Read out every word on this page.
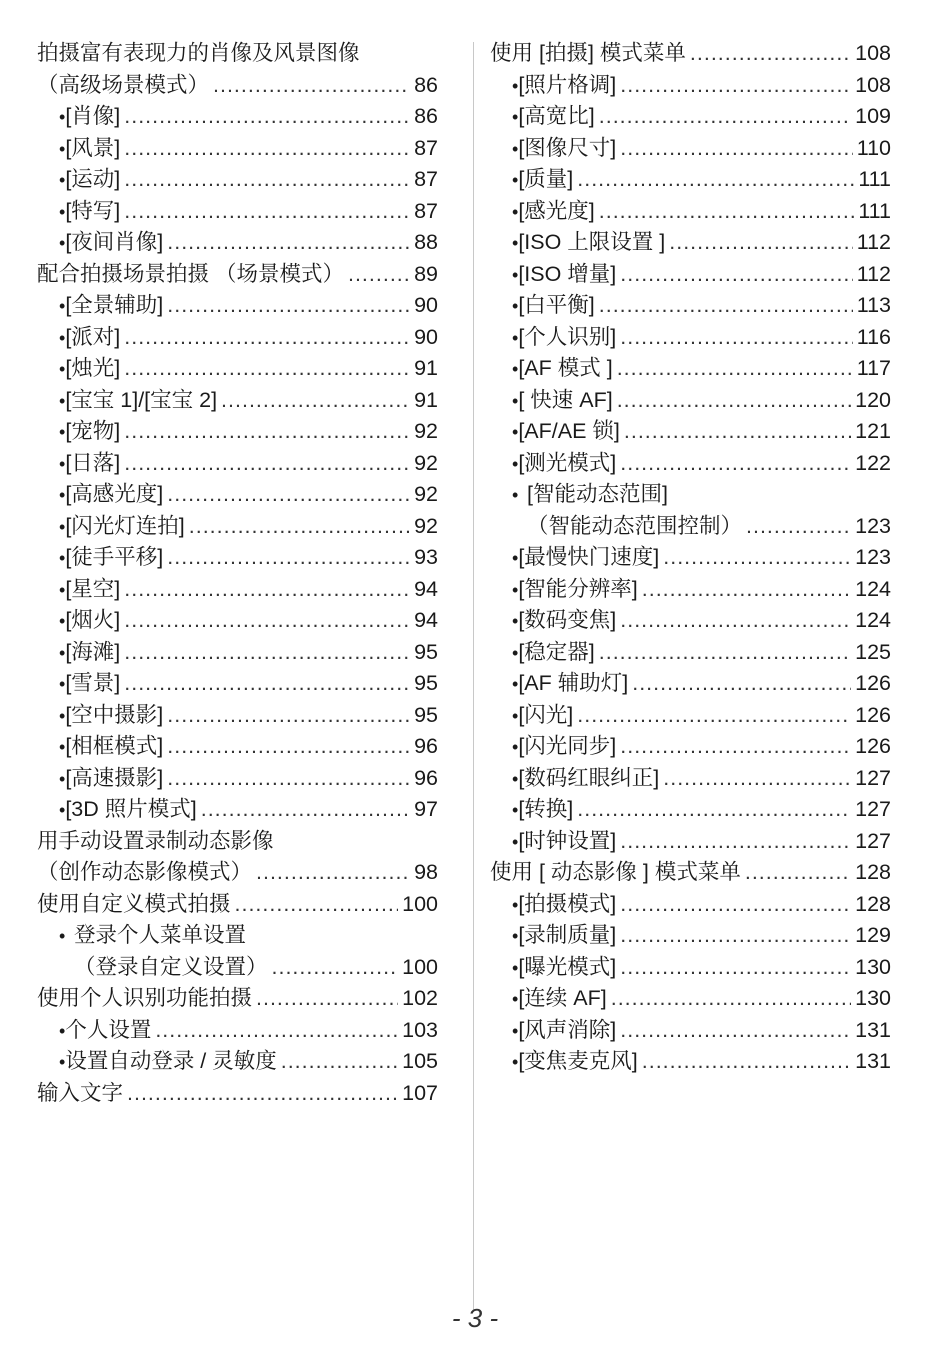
拍摄富有表现力的肖像及风景图像
（高级场景模式） .....	86
• [肖像] .....	86
• [风景] .....	87
• [运动] .....	87
• [特写] .....	87
• [夜间肖像] .....	88
配合拍摄场景拍摄 （场景模式） .....	89
• [全景辅助] .....	90
• [派对] .....	90
• [烛光] .....	91
• [宝宝 1]/[宝宝 2] .....	91
• [宠物] .....	92
• [日落] .....	92
• [高感光度] .....	92
• [闪光灯连拍] .....	92
• [徒手平移] .....	93
• [星空] .....	94
• [烟火] .....	94
• [海滩] .....	95
• [雪景] .....	95
• [空中摄影] .....	95
• [相框模式] .....	96
• [高速摄影] .....	96
• [3D 照片模式] .....	97
用手动设置录制动态影像
（创作动态影像模式） .....	98
使用自定义模式拍摄 .....	100
• 登录个人菜单设置
（登录自定义设置） .....	100
使用个人识别功能拍摄 .....	102
• 个人设置 .....	103
• 设置自动登录 / 灵敏度 .....	105
输入文字 .....	107
使用 [拍摄] 模式菜单 .....	108
• [照片格调] .....	108
• [高宽比] .....	109
• [图像尺寸] .....	110
• [质量] .....	111
• [感光度] .....	111
• [ISO 上限设置 ] .....	112
• [ISO 增量] .....	112
• [白平衡] .....	113
• [个人识别] .....	116
• [AF 模式 ] .....	117
• [ 快速 AF] .....	120
• [AF/AE 锁] .....	121
• [测光模式] .....	122
• [智能动态范围]
（智能动态范围控制） .....	123
• [最慢快门速度] .....	123
• [智能分辨率] .....	124
• [数码变焦] .....	124
• [稳定器] .....	125
• [AF 辅助灯] .....	126
• [闪光] .....	126
• [闪光同步] .....	126
• [数码红眼纠正] .....	127
• [转换] .....	127
• [时钟设置] .....	127
使用 [ 动态影像 ] 模式菜单 .....	128
• [拍摄模式] .....	128
• [录制质量] .....	129
• [曝光模式] .....	130
• [连续 AF] .....	130
• [风声消除] .....	131
• [变焦麦克风] .....	131
- 3 -
